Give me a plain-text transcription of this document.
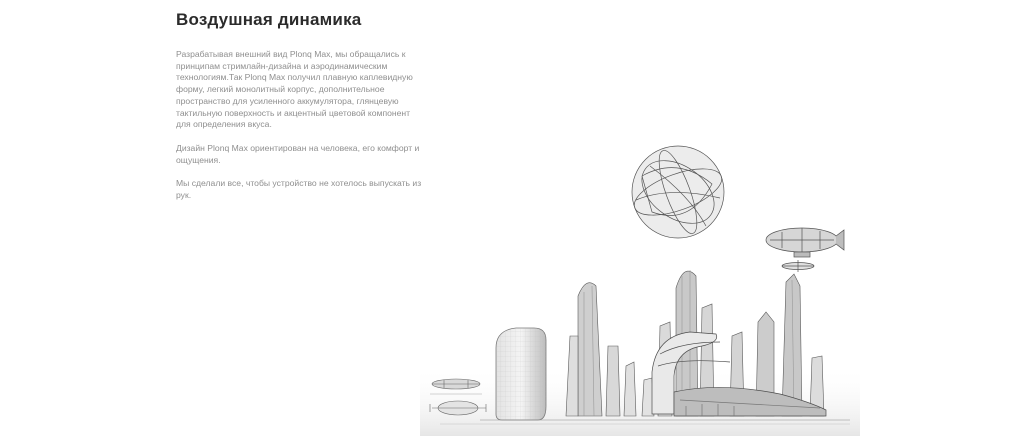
Воздушная динамика

Разрабатывая внешний вид Plonq Max, мы обращались к принципам стримлайн-дизайна и аэродинамическим технологиям.Так Plonq Max получил плавную каплевидную форму, легкий монолитный корпус, дополнительное пространство для усиленного аккумулятора, глянцевую тактильную поверхность и акцентный цветовой компонент для определения вкуса.

Дизайн Plonq Max ориентирован на человека, его комфорт и ощущения.

Мы сделали все, чтобы устройство не хотелось выпускать из рук.
